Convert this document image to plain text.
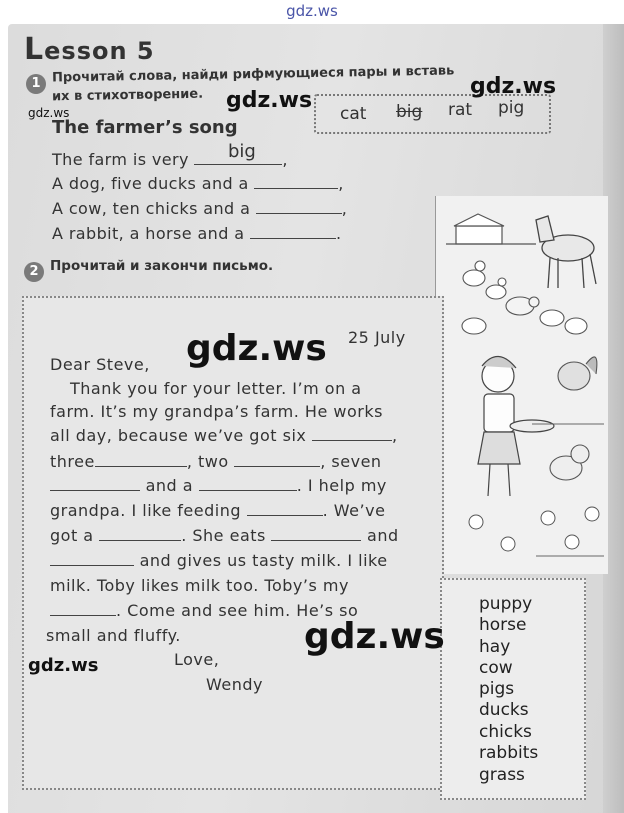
gdz.ws
Lesson 5
1 Прочитай слова, найди рифмующиеся пары и вставь
их в стихотворение.
cat big rat pig
The farmer’s song
The farm is very	,
big
A dog, five ducks and a	,
A cow, ten chicks and a	,
A rabbit, a horse and a	.
2 Прочитай и закончи письмо.
25 July
Dear Steve,
Thank you for your letter. I’m on a
farm. It’s my grandpa’s farm. He works
all day, because we’ve got six	,
three	, two	, seven
and a	. I help my
grandpa. I like feeding	. We’ve
got a	. She eats	and
and gives us tasty milk. I like
milk. Toby likes milk too. Toby’s my
. Come and see him. He’s so
small and fluffy.
Love,
Wendy
puppy
horse
hay
cow
pigs
ducks
chicks
rabbits
grass
gdz.ws
gdz.ws
gdz.ws
gdz.ws
gdz.ws
gdz.ws
